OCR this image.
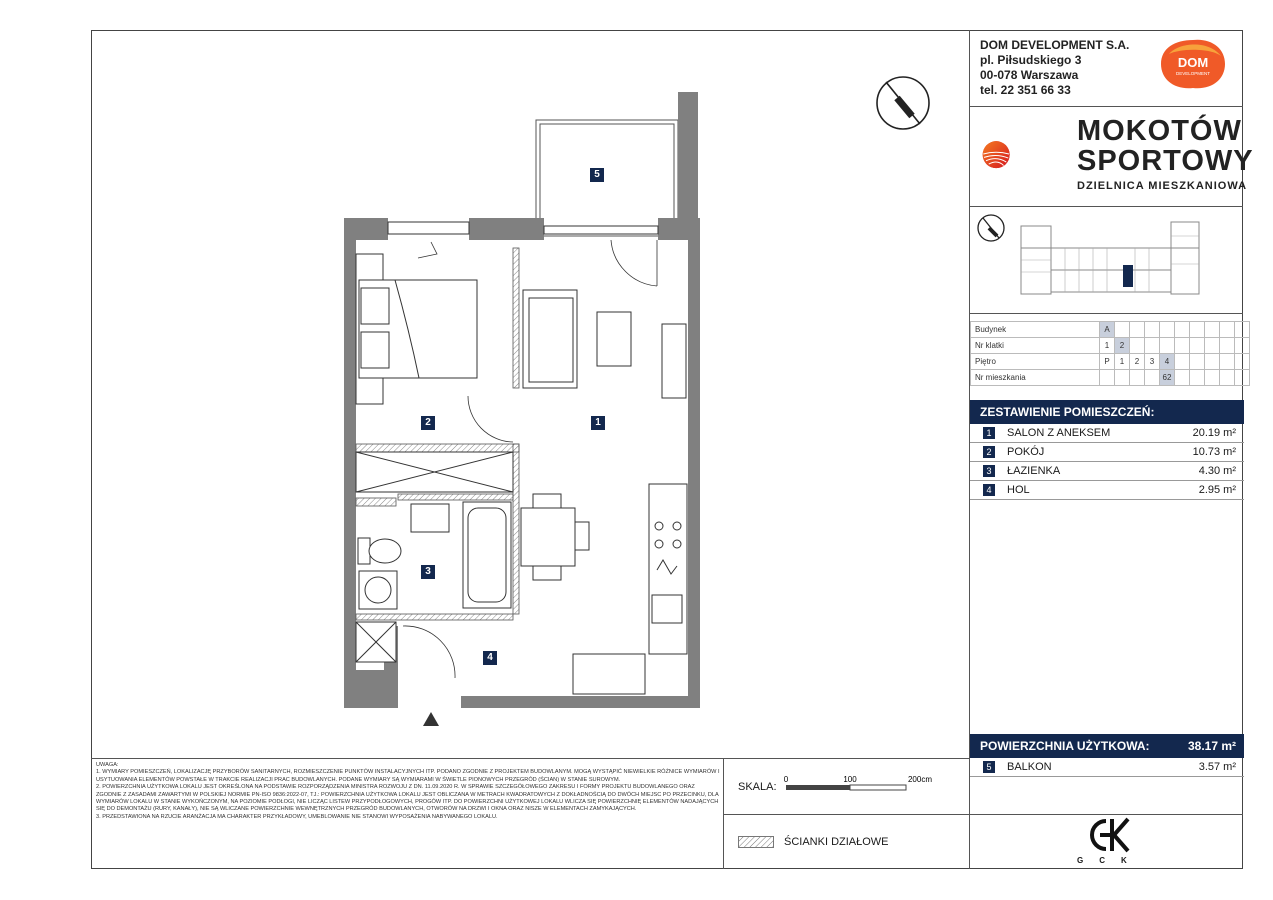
DOM DEVELOPMENT S.A.
pl. Piłsudskiego 3
00-078 Warszawa
tel. 22 351 66 33
DOM
DEVELOPMENT
MOKOTÓW
SPORTOWY
DZIELNICA MIESZKANIOWA
Budynek	A									
Nr klatki	1	2								
Piętro	P	1	2	3	4					
Nr mieszkania					62					
ZESTAWIENIE POMIESZCZEŃ:
1	SALON Z ANEKSEM	20.19 m²
2	POKÓJ	10.73 m²
3	ŁAZIENKA	4.30 m²
4	HOL	2.95 m²
POWIERZCHNIA UŻYTKOWA:	38.17 m²
5	BALKON	3.57 m²

UWAGA:

1. WYMIARY POMIESZCZEŃ, LOKALIZACJĘ PRZYBORÓW SANITARNYCH, ROZMIESZCZENIE PUNKTÓW INSTALACYJNYCH ITP. PODANO ZGODNIE Z PROJEKTEM BUDOWLANYM. MOGĄ WYSTĄPIĆ NIEWIELKIE RÓŻNICE WYMIARÓW I USYTUOWANIA ELEMENTÓW POWSTAŁE W TRAKCIE REALIZACJI PRAC BUDOWLANYCH. PODANE WYMIARY SĄ WYMIARAMI W ŚWIETLE PIONOWYCH PRZEGRÓD (ŚCIAN) W STANIE SUROWYM.

2. POWIERZCHNIA UŻYTKOWA LOKALU JEST OKREŚLONA NA PODSTAWIE ROZPORZĄDZENIA MINISTRA ROZWOJU Z DN. 11.09.2020 R. W SPRAWIE SZCZEGÓŁOWEGO ZAKRESU I FORMY PROJEKTU BUDOWLANEGO ORAZ ZGODNIE Z ZASADAMI ZAWARTYMI W POLSKIEJ NORMIE PN-ISO 9836:2022-07, TJ.: POWIERZCHNIA UŻYTKOWA LOKALU JEST OBLICZANA W METRACH KWADRATOWYCH Z DOKŁADNOŚCIĄ DO DWÓCH MIEJSC PO PRZECINKU, DLA WYMIARÓW LOKALU W STANIE WYKOŃCZONYM, NA POZIOMIE PODŁOGI, NIE LICZĄC LISTEW PRZYPODŁOGOWYCH, PROGÓW ITP. DO POWIERZCHNI UŻYTKOWEJ LOKALU WLICZA SIĘ POWIERZCHNIĘ ELEMENTÓW NADAJĄCYCH SIĘ DO DEMONTAŻU (RURY, KANAŁY), NIE SĄ WLICZANE POWIERZCHNIE WEWNĘTRZNYCH PRZEGRÓD BUDOWLANYCH, OTWORÓW NA DRZWI I OKNA ORAZ NISZE W ELEMENTACH ZAMYKAJĄCYCH.

3. PRZEDSTAWIONA NA RZUCIE ARANŻACJA MA CHARAKTER PRZYKŁADOWY, UMEBLOWANIE NIE STANOWI WYPOSAŻENIA NABYWANEGO LOKALU.

SKALA:
0	100	200cm
ŚCIANKI DZIAŁOWE
GCK
1
2
3
4
5
